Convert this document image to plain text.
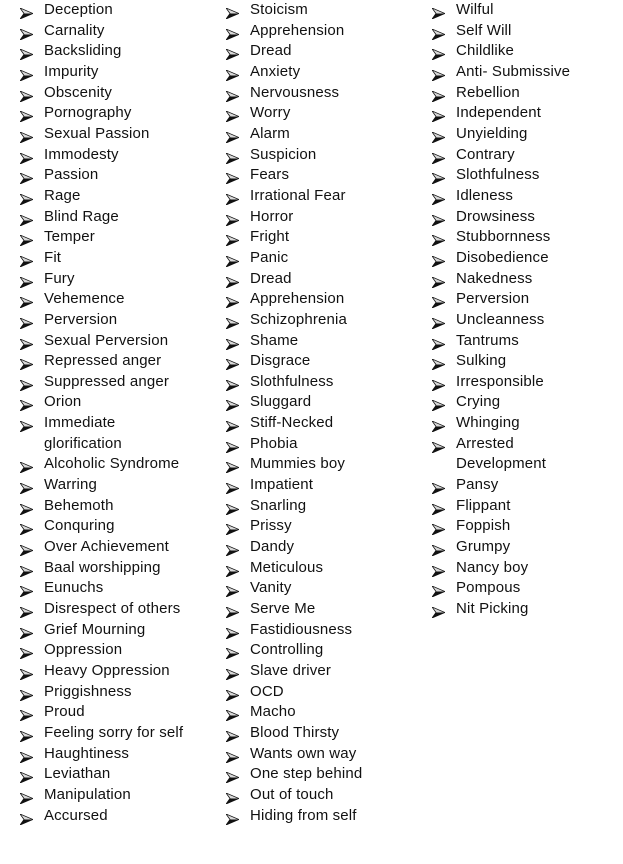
Deception
Carnality
Backsliding
Impurity
Obscenity
Pornography
Sexual Passion
Immodesty
Passion
Rage
Blind Rage
Temper
Fit
Fury
Vehemence
Perversion
Sexual Perversion
Repressed anger
Suppressed anger
Orion
Immediate glorification
Alcoholic Syndrome
Warring
Behemoth
Conquring
Over Achievement
Baal worshipping
Eunuchs
Disrespect of others
Grief Mourning
Oppression
Heavy Oppression
Priggishness
Proud
Feeling sorry for self
Haughtiness
Leviathan
Manipulation
Accursed
Stoicism
Apprehension
Dread
Anxiety
Nervousness
Worry
Alarm
Suspicion
Fears
Irrational Fear
Horror
Fright
Panic
Dread
Apprehension
Schizophrenia
Shame
Disgrace
Slothfulness
Sluggard
Stiff-Necked
Phobia
Mummies boy
Impatient
Snarling
Prissy
Dandy
Meticulous
Vanity
Serve Me
Fastidiousness
Controlling
Slave driver
OCD
Macho
Blood Thirsty
Wants own way
One step behind
Out of touch
Hiding from self
Wilful
Self Will
Childlike
Anti- Submissive
Rebellion
Independent
Unyielding
Contrary
Slothfulness
Idleness
Drowsiness
Stubbornness
Disobedience
Nakedness
Perversion
Uncleanness
Tantrums
Sulking
Irresponsible
Crying
Whinging
Arrested Development
Pansy
Flippant
Foppish
Grumpy
Nancy boy
Pompous
Nit Picking
